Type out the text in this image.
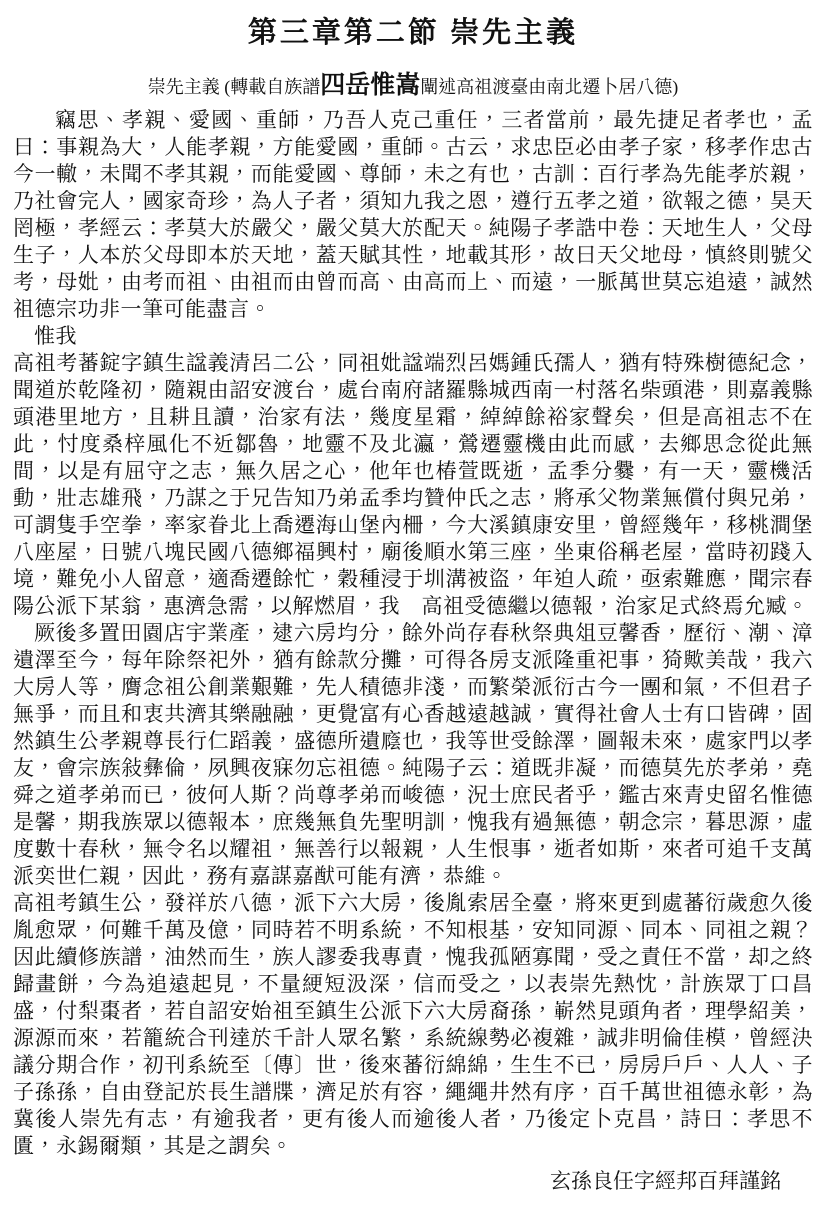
第三章第二節 崇先主義
崇先主義 (轉載自族譜四岳惟嵩闡述高祖渡臺由南北遷卜居八德)

竊思、孝親、愛國、重師，乃吾人克己重任，三者當前，最先捷足者孝也，孟曰：事親為大，人能孝親，方能愛國，重師。古云，求忠臣必由孝子家，移孝作忠古今一轍，未聞不孝其親，而能愛國、尊師，未之有也，古訓：百行孝為先能孝於親，乃社會完人，國家奇珍，為人子者，須知九我之恩，遵行五孝之道，欲報之德，昊天罔極，孝經云：孝莫大於嚴父，嚴父莫大於配天。純陽子孝誥中卷：天地生人，父母生子，人本於父母即本於天地，蓋天賦其性，地載其形，故曰天父地母，慎終則號父考，母妣，由考而祖、由祖而由曾而高、由高而上、而遠，一脈萬世莫忘追遠，誠然祖德宗功非一筆可能盡言。

惟我

高祖考蕃錠字鎮生諡義清呂二公，同祖妣諡端烈呂媽鍾氏孺人，猶有特殊樹德紀念，聞道於乾隆初，隨親由詔安渡台，處台南府諸羅縣城西南一村落名柴頭港，則嘉義縣頭港里地方，且耕且讀，治家有法，幾度星霜，綽綽餘裕家聲矣，但是高祖志不在此，忖度桑梓風化不近鄒魯，地靈不及北瀛，鶯遷靈機由此而感，去鄉思念從此無間，以是有屈守之志，無久居之心，他年也椿萱既逝，孟季分爨，有一天，靈機活動，壯志雄飛，乃謀之于兄告知乃弟孟季均贊仲氏之志，將承父物業無償付與兄弟，可謂隻手空拳，率家眷北上喬遷海山堡內柵，今大溪鎮康安里，曾經幾年，移桃澗堡八座屋，日號八塊民國八德鄉福興村，廟後順水第三座，坐東俗稱老屋，當時初踐入境，難免小人留意，適喬遷餘忙，穀種浸于圳溝被盜，年迫人疏，亟索難應，聞宗春陽公派下某翁，惠濟急需，以解燃眉，我　高祖受德繼以德報，治家足式終焉允臧。

厥後多置田園店宇業產，逮六房均分，餘外尚存春秋祭典俎豆馨香，歷衍、潮、漳遺澤至今，每年除祭祀外，猶有餘款分攤，可得各房支派隆重祀事，猗歟美哉，我六大房人等，膺念祖公創業艱難，先人積德非淺，而繁榮派衍古今一團和氣，不但君子無爭，而且和衷共濟其樂融融，更覺富有心香越遠越誠，實得社會人士有口皆碑，固然鎮生公孝親尊長行仁蹈義，盛德所遺廕也，我等世受餘澤，圖報未來，處家門以孝友，會宗族敍彝倫，夙興夜寐勿忘祖德。純陽子云：道既非凝，而德莫先於孝弟，堯舜之道孝弟而已，彼何人斯？尚尊孝弟而峻德，況士庶民者乎，鑑古來青史留名惟德是馨，期我族眾以德報本，庶幾無負先聖明訓，愧我有過無德，朝念宗，暮思源，虛度數十春秋，無令名以耀祖，無善行以報親，人生恨事，逝者如斯，來者可追千支萬派奕世仁親，因此，務有嘉謀嘉猷可能有濟，恭維。

高祖考鎮生公，發祥於八德，派下六大房，後胤索居全臺，將來更到處蕃衍歲愈久後胤愈眾，何難千萬及億，同時若不明系統，不知根基，安知同源、同本、同祖之親？因此續修族譜，油然而生，族人謬委我專責，愧我孤陋寡聞，受之責任不當，却之終歸畫餅，今為追遠起見，不量綆短汲深，信而受之，以表崇先熱忱，計族眾丁口昌盛，付梨棗者，若自詔安始祖至鎮生公派下六大房裔孫，嶄然見頭角者，理學紹美，源源而來，若籠統合刊達於千計人眾名繁，系統線勢必複雜，誠非明倫佳模，曾經決議分期合作，初刊系統至〔傳〕世，後來蕃衍綿綿，生生不已，房房戶戶、人人、子子孫孫，自由登記於長生譜牒，濟足於有容，繩繩井然有序，百千萬世祖德永彰，為冀後人崇先有志，有逾我者，更有後人而逾後人者，乃後定卜克昌，詩曰：孝思不匱，永錫爾類，其是之謂矣。

玄孫良任字經邦百拜謹銘
